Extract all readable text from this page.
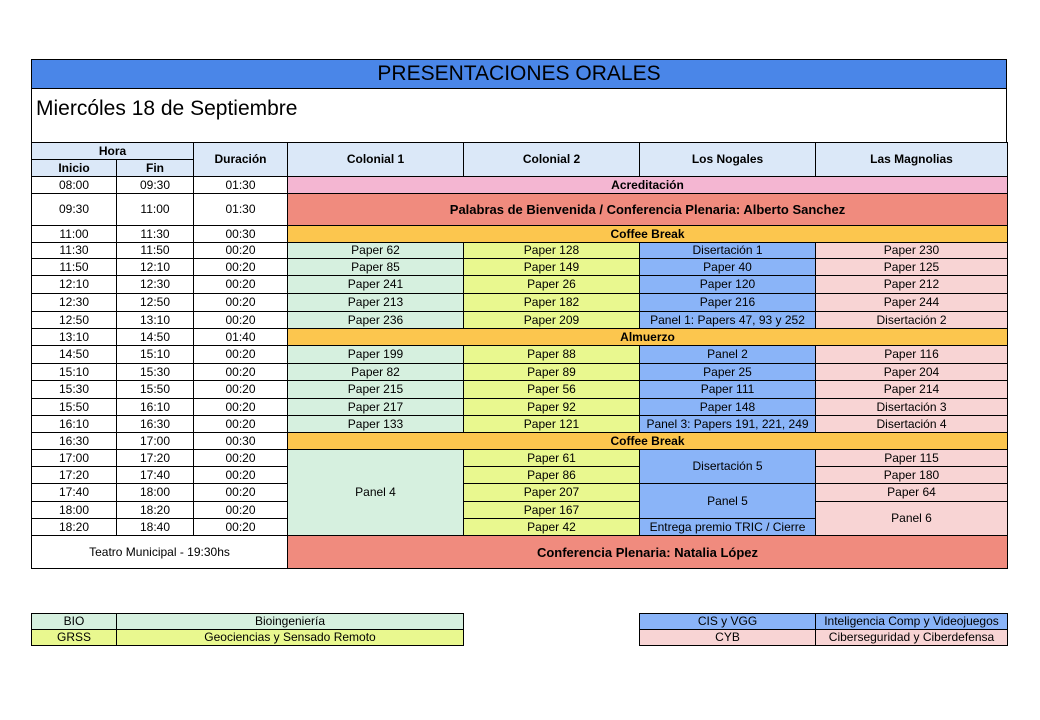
PRESENTACIONES ORALES
Miercóles 18 de Septiembre
Hora		Duración	Colonial 1	Colonial 2	Los Nogales	Las Magnolias
Inicio	Fin					
08:00	09:30	01:30	Acreditación			
09:30	11:00	01:30	Palabras de Bienvenida / Conferencia Plenaria: Alberto Sanchez			
11:00	11:30	00:30	Coffee Break			
11:30	11:50	00:20	Paper 62	Paper 128	Disertación 1	Paper 230
11:50	12:10	00:20	Paper 85	Paper 149	Paper 40	Paper 125
12:10	12:30	00:20	Paper 241	Paper 26	Paper 120	Paper 212
12:30	12:50	00:20	Paper 213	Paper 182	Paper 216	Paper 244
12:50	13:10	00:20	Paper 236	Paper 209	Panel 1: Papers 47, 93 y 252	Disertación 2
13:10	14:50	01:40	Almuerzo			
14:50	15:10	00:20	Paper 199	Paper 88	Panel 2	Paper 116
15:10	15:30	00:20	Paper 82	Paper 89	Paper 25	Paper 204
15:30	15:50	00:20	Paper 215	Paper 56	Paper 111	Paper 214
15:50	16:10	00:20	Paper 217	Paper 92	Paper 148	Disertación 3
16:10	16:30	00:20	Paper 133	Paper 121	Panel 3: Papers 191, 221, 249	Disertación 4
16:30	17:00	00:30	Coffee Break			
17:00	17:20	00:20	Panel 4	Paper 61	Disertación 5	Paper 115
17:20	17:40	00:20		Paper 86		Paper 180
17:40	18:00	00:20		Paper 207	Panel 5	Paper 64
18:00	18:20	00:20		Paper 167		Panel 6
18:20	18:40	00:20		Paper 42	Entrega premio TRIC / Cierre	
Teatro Municipal - 19:30hs			Conferencia Plenaria: Natalia López			
BIO	Bioingeniería		CIS y VGG	Inteligencia Comp y Videojuegos
GRSS	Geociencias y Sensado Remoto		CYB	Ciberseguridad y Ciberdefensa
